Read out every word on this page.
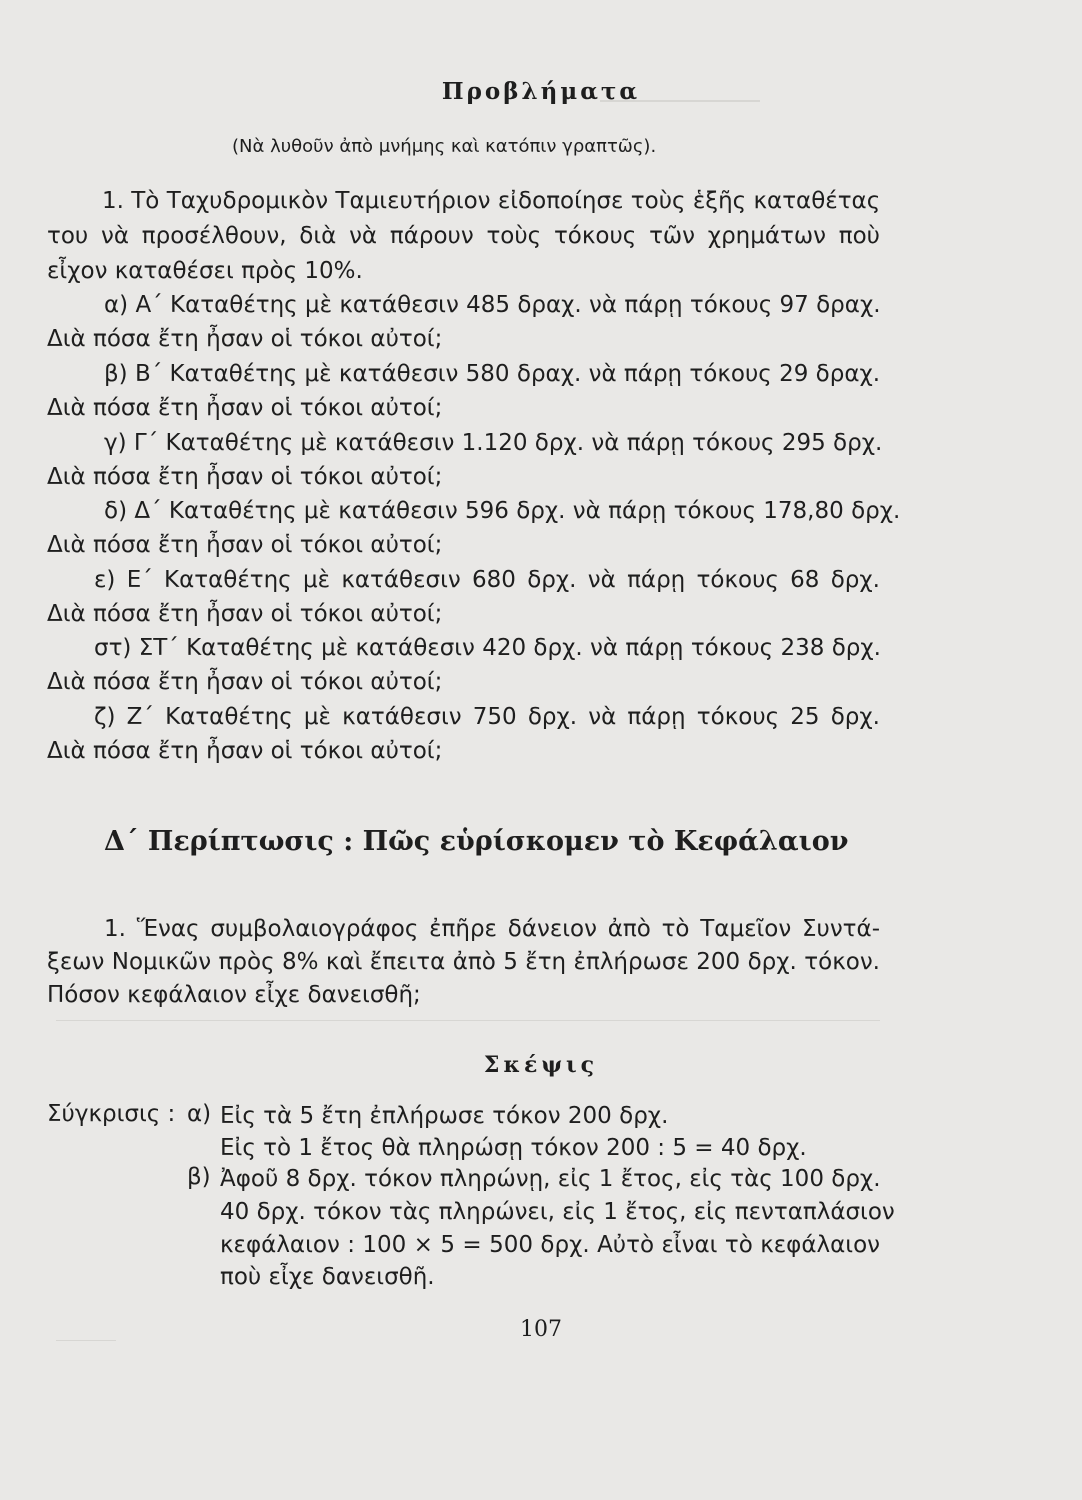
Προβλήματα
(Νὰ λυθοῦν ἀπὸ μνήμης καὶ κατόπιν γραπτῶς).
1. Τὸ Ταχυδρομικὸν Ταμιευτήριον εἰδοποίησε τοὺς ἑξῆς καταθέτας
του νὰ προσέλθουν, διὰ νὰ πάρουν τοὺς τόκους τῶν χρημάτων ποὺ
εἶχον καταθέσει πρὸς 10%.
α) Α΄ Καταθέτης μὲ κατάθεσιν 485 δραχ. νὰ πάρῃ τόκους 97 δραχ.
Διὰ πόσα ἔτη ἦσαν οἱ τόκοι αὐτοί;
β) Β΄ Καταθέτης μὲ κατάθεσιν 580 δραχ. νὰ πάρῃ τόκους 29 δραχ.
Διὰ πόσα ἔτη ἦσαν οἱ τόκοι αὐτοί;
γ) Γ΄ Καταθέτης μὲ κατάθεσιν 1.120 δρχ. νὰ πάρῃ τόκους 295 δρχ.
Διὰ πόσα ἔτη ἦσαν οἱ τόκοι αὐτοί;
δ) Δ΄ Καταθέτης μὲ κατάθεσιν 596 δρχ. νὰ πάρῃ τόκους 178,80 δρχ.
Διὰ πόσα ἔτη ἦσαν οἱ τόκοι αὐτοί;
ε) Ε΄ Καταθέτης μὲ κατάθεσιν 680 δρχ. νὰ πάρῃ τόκους 68 δρχ.
Διὰ πόσα ἔτη ἦσαν οἱ τόκοι αὐτοί;
στ) ΣΤ΄ Καταθέτης μὲ κατάθεσιν 420 δρχ. νὰ πάρῃ τόκους 238 δρχ.
Διὰ πόσα ἔτη ἦσαν οἱ τόκοι αὐτοί;
ζ) Ζ΄ Καταθέτης μὲ κατάθεσιν 750 δρχ. νὰ πάρῃ τόκους 25 δρχ.
Διὰ πόσα ἔτη ἦσαν οἱ τόκοι αὐτοί;
Δ΄ Περίπτωσις : Πῶς εὑρίσκομεν τὸ Κεφάλαιον
1. Ἕνας συμβολαιογράφος ἐπῆρε δάνειον ἀπὸ τὸ Ταμεῖον Συντά-
ξεων Νομικῶν πρὸς 8% καὶ ἔπειτα ἀπὸ 5 ἔτη ἐπλήρωσε 200 δρχ. τόκον.
Πόσον κεφάλαιον εἶχε δανεισθῆ;
Σκέψις
Σύγκρισις : α) Εἰς τὰ 5 ἔτη ἐπλήρωσε τόκον 200 δρχ.
Εἰς τὸ 1 ἔτος θὰ πληρώσῃ τόκον 200 : 5 = 40 δρχ.
β) Ἀφοῦ 8 δρχ. τόκον πληρώνῃ, εἰς 1 ἔτος, εἰς τὰς 100 δρχ.
40 δρχ. τόκον τὰς πληρώνει, εἰς 1 ἔτος, εἰς πενταπλάσιον
κεφάλαιον : 100 × 5 = 500 δρχ. Αὐτὸ εἶναι τὸ κεφάλαιον
ποὺ εἶχε δανεισθῆ.
107
